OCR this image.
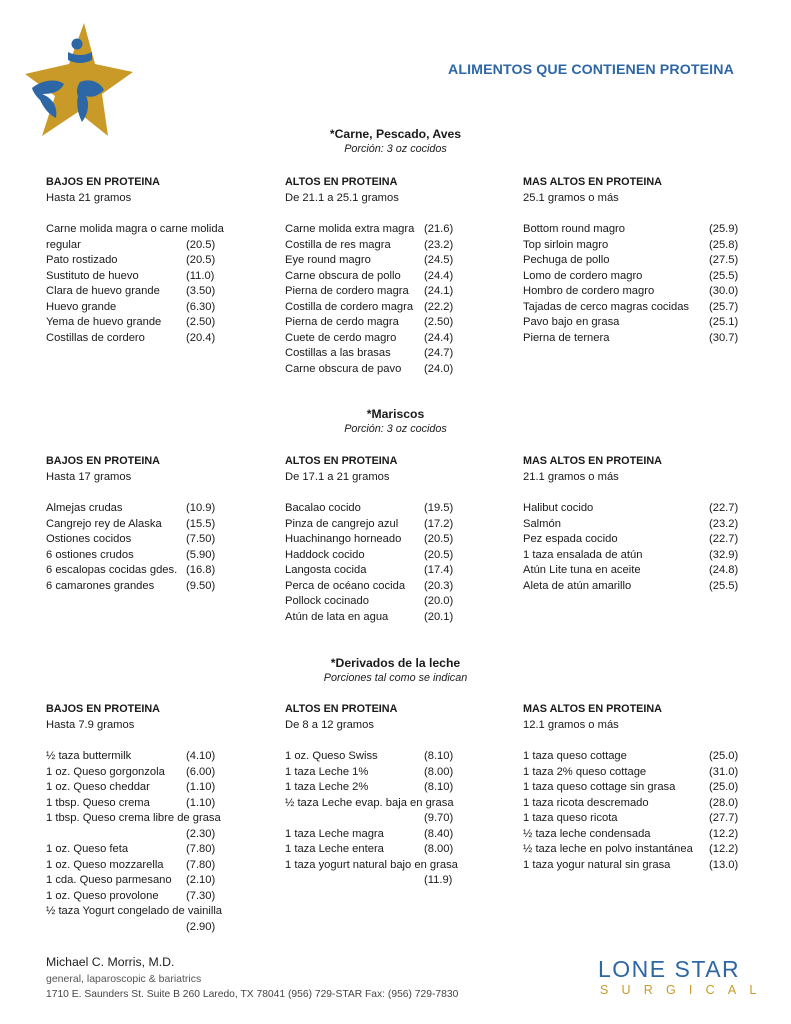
ALIMENTOS QUE CONTIENEN PROTEINA
*Carne, Pescado, Aves
Porción: 3 oz cocidos
BAJOS EN PROTEINA
Hasta 21 gramos
Carne molida magra o carne molida
regular	(20.5)
Pato rostizado	(20.5)
Sustituto de huevo	(11.0)
Clara de huevo grande (3.50)
Huevo grande	(6.30)
Yema de huevo grande (2.50)
Costillas de cordero	(20.4)
ALTOS EN PROTEINA
De 21.1 a 25.1 gramos
Carne molida extra magra (21.6)
Costilla de res magra	(23.2)
Eye round magro	(24.5)
Carne obscura de pollo (24.4)
Pierna de cordero magra (24.1)
Costilla de cordero magra (22.2)
Pierna de cerdo magra (2.50)
Cuete de cerdo magro (24.4)
Costillas a las brasas	(24.7)
Carne obscura de pavo (24.0)
MAS ALTOS EN PROTEINA
25.1 gramos o más
Bottom round magro	(25.9)
Top sirloin magro	(25.8)
Pechuga de pollo	(27.5)
Lomo de cordero magro	(25.5)
Hombro de cordero magro	(30.0)
Tajadas de cerco magras cocidas (25.7)
Pavo bajo en grasa	(25.1)
Pierna de ternera	(30.7)
*Mariscos
Porción: 3 oz cocidos
BAJOS EN PROTEINA
Hasta 17 gramos
Almejas crudas	(10.9)
Cangrejo rey de Alaska (15.5)
Ostiones cocidos	(7.50)
6 ostiones crudos	(5.90)
6 escalopas cocidas gdes. (16.8)
6 camarones grandes	(9.50)
ALTOS EN PROTEINA
De 17.1 a 21 gramos
Bacalao cocido	(19.5)
Pinza de cangrejo azul (17.2)
Huachinango horneado (20.5)
Haddock cocido	(20.5)
Langosta cocida	(17.4)
Perca de océano cocida (20.3)
Pollock cocinado	(20.0)
Atún de lata en agua	(20.1)
MAS ALTOS EN PROTEINA
21.1 gramos o más
Halibut cocido	(22.7)
Salmón	(23.2)
Pez espada cocido	(22.7)
1 taza ensalada de atún	(32.9)
Atún Lite tuna en aceite	(24.8)
Aleta de atún amarillo	(25.5)
*Derivados de la leche
Porciones tal como se indican
BAJOS EN PROTEINA
Hasta 7.9 gramos
½ taza buttermilk	(4.10)
1 oz. Queso gorgonzola (6.00)
1 oz. Queso cheddar	(1.10)
1 tbsp. Queso crema	(1.10)
1 tbsp. Queso crema libre de grasa
(2.30)
1 oz. Queso feta	(7.80)
1 oz. Queso mozzarella (7.80)
1 cda. Queso parmesano (2.10)
1 oz. Queso provolone (7.30)
½ taza Yogurt congelado de vainilla
(2.90)
ALTOS EN PROTEINA
De 8 a 12 gramos
1 oz. Queso Swiss	(8.10)
1 taza Leche 1%	(8.00)
1 taza Leche 2%	(8.10)
½ taza Leche evap. baja en grasa
(9.70)
1 taza Leche magra	(8.40)
1 taza Leche entera	(8.00)
1 taza yogurt natural bajo en grasa
(11.9)
MAS ALTOS EN PROTEINA
12.1 gramos o más
1 taza queso cottage	(25.0)
1 taza 2% queso cottage	(31.0)
1 taza queso cottage sin grasa	(25.0)
1 taza ricota descremado	(28.0)
1 taza queso ricota	(27.7)
½ taza leche condensada	(12.2)
½ taza leche en polvo instantánea (12.2)
1 taza yogur natural sin grasa	(13.0)
Michael C. Morris, M.D.
general, laparoscopic & bariatrics
1710 E. Saunders St. Suite B 260 Laredo, TX 78041 (956) 729-STAR Fax: (956) 729-7830
LONE STAR
SURGICAL
